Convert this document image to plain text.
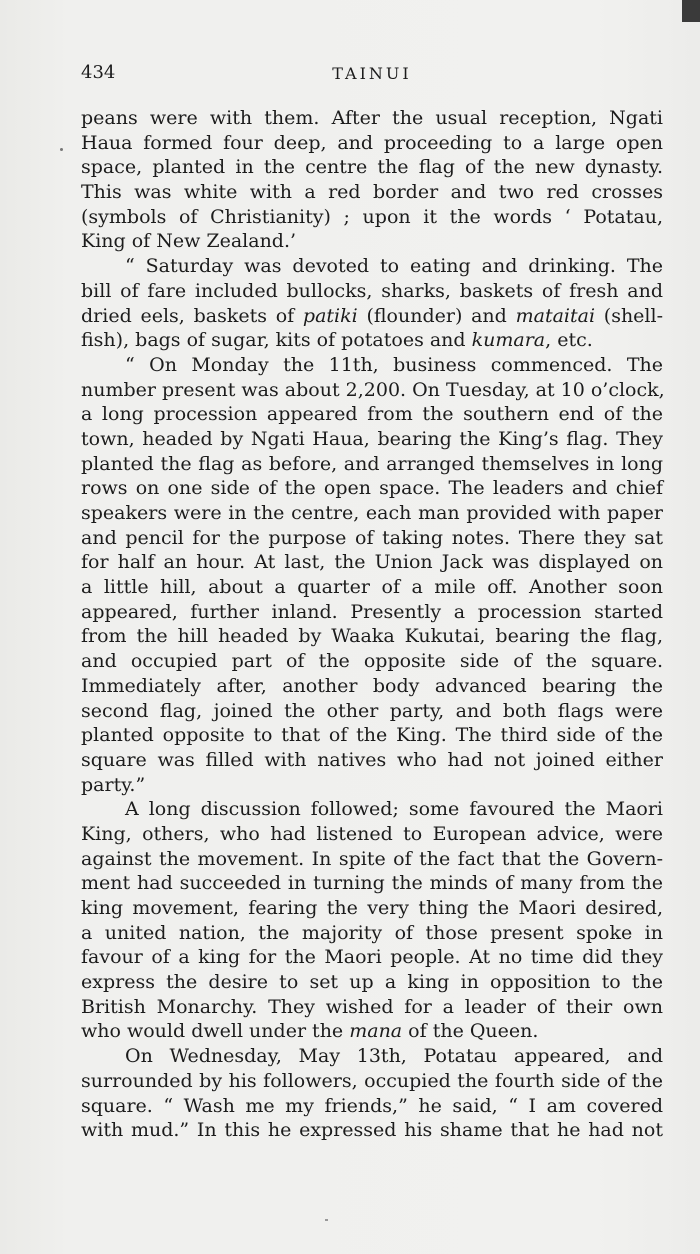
434	TAINUI
peans were with them. After the usual reception, Ngati
Haua formed four deep, and proceeding to a large open
space, planted in the centre the flag of the new dynasty.
This was white with a red border and two red crosses
(symbols of Christianity) ; upon it the words ‘ Potatau,
King of New Zealand.’
“ Saturday was devoted to eating and drinking. The
bill of fare included bullocks, sharks, baskets of fresh and
dried eels, baskets of patiki (flounder) and mataitai (shell-
fish), bags of sugar, kits of potatoes and kumara, etc.
“ On Monday the 11th, business commenced. The
number present was about 2,200. On Tuesday, at 10 o’clock,
a long procession appeared from the southern end of the
town, headed by Ngati Haua, bearing the King’s flag. They
planted the flag as before, and arranged themselves in long
rows on one side of the open space. The leaders and chief
speakers were in the centre, each man provided with paper
and pencil for the purpose of taking notes. There they sat
for half an hour. At last, the Union Jack was displayed on
a little hill, about a quarter of a mile off. Another soon
appeared, further inland. Presently a procession started
from the hill headed by Waaka Kukutai, bearing the flag,
and occupied part of the opposite side of the square.
Immediately after, another body advanced bearing the
second flag, joined the other party, and both flags were
planted opposite to that of the King. The third side of the
square was filled with natives who had not joined either
party.”
A long discussion followed; some favoured the Maori
King, others, who had listened to European advice, were
against the movement. In spite of the fact that the Govern-
ment had succeeded in turning the minds of many from the
king movement, fearing the very thing the Maori desired,
a united nation, the majority of those present spoke in
favour of a king for the Maori people. At no time did they
express the desire to set up a king in opposition to the
British Monarchy. They wished for a leader of their own
who would dwell under the mana of the Queen.
On Wednesday, May 13th, Potatau appeared, and
surrounded by his followers, occupied the fourth side of the
square. “ Wash me my friends,” he said, “ I am covered
with mud.” In this he expressed his shame that he had not
